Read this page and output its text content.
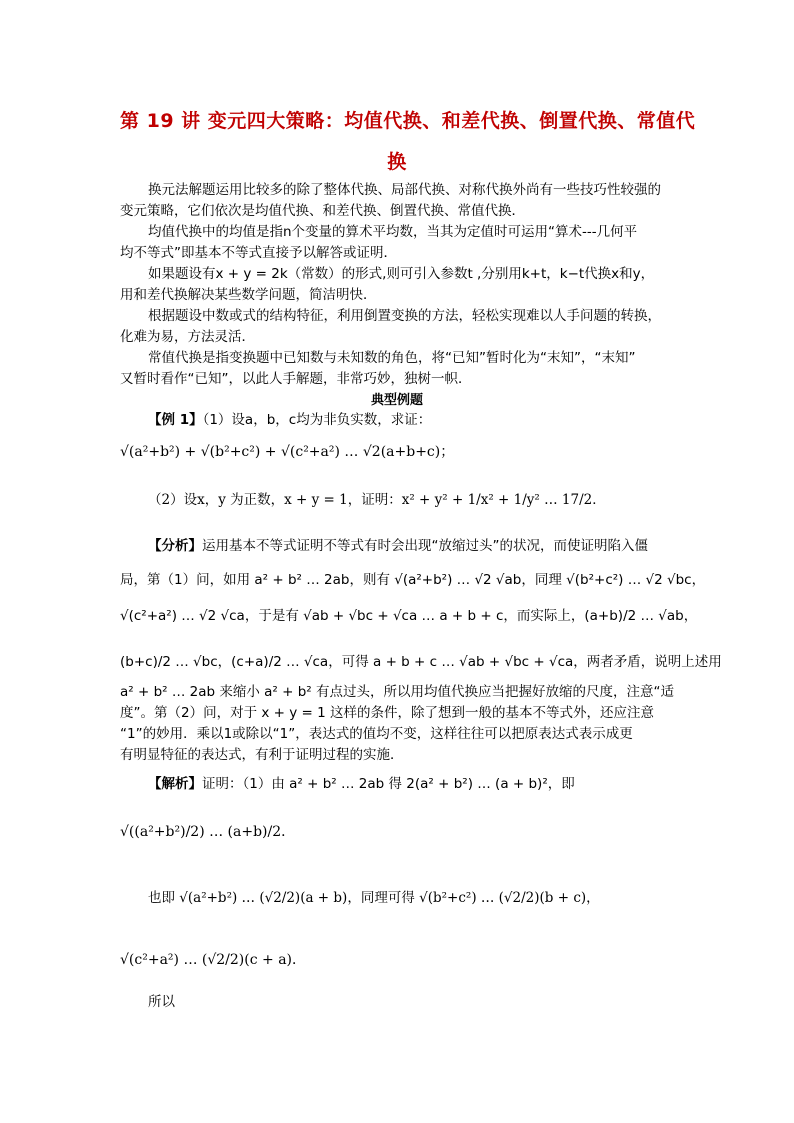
第 19 讲 变元四大策略：均值代换、和差代换、倒置代换、常值代
换
换元法解题运用比较多的除了整体代换、局部代换、对称代换外尚有一些技巧性较强的
变元策略，它们依次是均值代换、和差代换、倒置代换、常值代换．
均值代换中的均值是指n个变量的算术平均数，当其为定值时可运用“算术---几何平
均不等式”即基本不等式直接予以解答或证明．
如果题设有x + y = 2k（常数）的形式,则可引入参数t ,分别用k+t，k−t代换x和y，
用和差代换解决某些数学问题，简洁明快．
根据题设中数或式的结构特征，利用倒置变换的方法，轻松实现难以人手问题的转换，
化难为易，方法灵活．
常值代换是指变换题中已知数与未知数的角色，将“已知”暂时化为“末知”，“末知”
又暂时看作“已知”，以此人手解题，非常巧妙，独树一帜．
典型例题
【例 1】（1）设a，b，c均为非负实数，求证：
√(a²+b²) + √(b²+c²) + √(c²+a²) … √2(a+b+c)；
（2）设x，y 为正数，x + y = 1，证明：x² + y² + 1/x² + 1/y² … 17/2．
【分析】运用基本不等式证明不等式有时会出现“放缩过头”的状况，而使证明陷入僵
局，第（1）问，如用 a² + b² … 2ab，则有 √(a²+b²) … √2 √ab，同理 √(b²+c²) … √2 √bc，
√(c²+a²) … √2 √ca，于是有 √ab + √bc + √ca … a + b + c，而实际上，(a+b)/2 … √ab，
(b+c)/2 … √bc，(c+a)/2 … √ca，可得 a + b + c … √ab + √bc + √ca，两者矛盾，说明上述用
a² + b² … 2ab 来缩小 a² + b² 有点过头，所以用均值代换应当把握好放缩的尺度，注意“适
度”。第（2）问，对于 x + y = 1 这样的条件，除了想到一般的基本不等式外，还应注意
“1”的妙用．乘以1或除以“1”，表达式的值均不变，这样往往可以把原表达式表示成更
有明显特征的表达式，有利于证明过程的实施．
【解析】证明：（1）由 a² + b² … 2ab 得 2(a² + b²) … (a + b)²，即
√((a²+b²)/2) … (a+b)/2．
也即 √(a²+b²) … (√2/2)(a + b)，同理可得 √(b²+c²) … (√2/2)(b + c)，
√(c²+a²) … (√2/2)(c + a)．
所以
